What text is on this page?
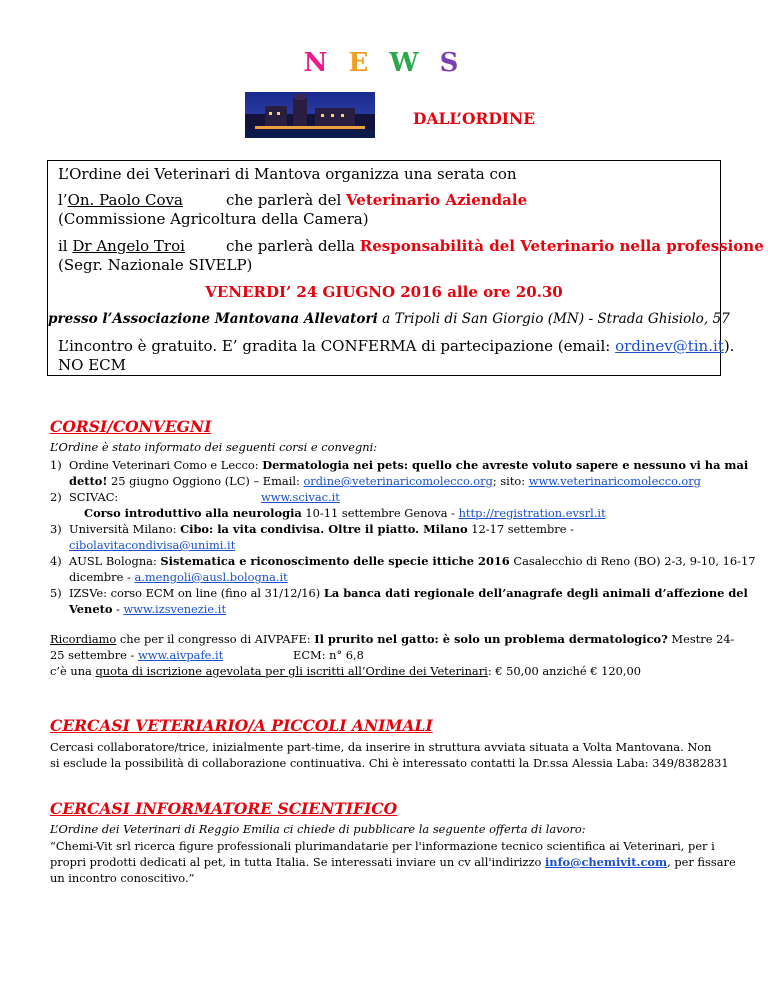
N E W S
DALL’ORDINE
L’Ordine dei Veterinari di Mantova organizza una serata con
l’On. Paolo Cova	che parlerà del Veterinario Aziendale
(Commissione Agricoltura della Camera)
il Dr Angelo Troi	che parlerà della Responsabilità del Veterinario nella professione
(Segr. Nazionale SIVELP)
VENERDI’ 24 GIUGNO 2016 alle ore 20.30
presso l’Associazione Mantovana Allevatori a Tripoli di San Giorgio (MN) - Strada Ghisiolo, 57
L’incontro è gratuito. E’ gradita la CONFERMA di partecipazione (email: ordinev@tin.it).
NO ECM
CORSI/CONVEGNI
L’Ordine è stato informato dei seguenti corsi e convegni:
1) Ordine Veterinari Como e Lecco: Dermatologia nei pets: quello che avreste voluto sapere e nessuno vi ha mai
detto! 25 giugno Oggiono (LC) – Email: ordine@veterinaricomolecco.org; sito: www.veterinaricomolecco.org
2) SCIVAC:	www.scivac.it
Corso introduttivo alla neurologia 10-11 settembre Genova - http://registration.evsrl.it
3) Università Milano: Cibo: la vita condivisa. Oltre il piatto. Milano 12-17 settembre -
cibolavitacondivisa@unimi.it
4) AUSL Bologna: Sistematica e riconoscimento delle specie ittiche 2016 Casalecchio di Reno (BO) 2-3, 9-10, 16-17
dicembre - a.mengoli@ausl.bologna.it
5) IZSVe: corso ECM on line (fino al 31/12/16) La banca dati regionale dell’anagrafe degli animali d’affezione del
Veneto - www.izsvenezie.it
Ricordiamo che per il congresso di AIVPAFE: Il prurito nel gatto: è solo un problema dermatologico? Mestre 24-
25 settembre - www.aivpafe.it	ECM: n° 6,8
c’è una quota di iscrizione agevolata per gli iscritti all’Ordine dei Veterinari: € 50,00 anziché € 120,00
CERCASI VETERIARIO/A PICCOLI ANIMALI
Cercasi collaboratore/trice, inizialmente part-time, da inserire in struttura avviata situata a Volta Mantovana. Non
si esclude la possibilità di collaborazione continuativa. Chi è interessato contatti la Dr.ssa Alessia Laba: 349/8382831
CERCASI INFORMATORE SCIENTIFICO
L’Ordine dei Veterinari di Reggio Emilia ci chiede di pubblicare la seguente offerta di lavoro:
“Chemi-Vit srl ricerca figure professionali plurimandatarie per l'informazione tecnico scientifica ai Veterinari, per i
propri prodotti dedicati al pet, in tutta Italia. Se interessati inviare un cv all'indirizzo info@chemivit.com, per fissare
un incontro conoscitivo.”
